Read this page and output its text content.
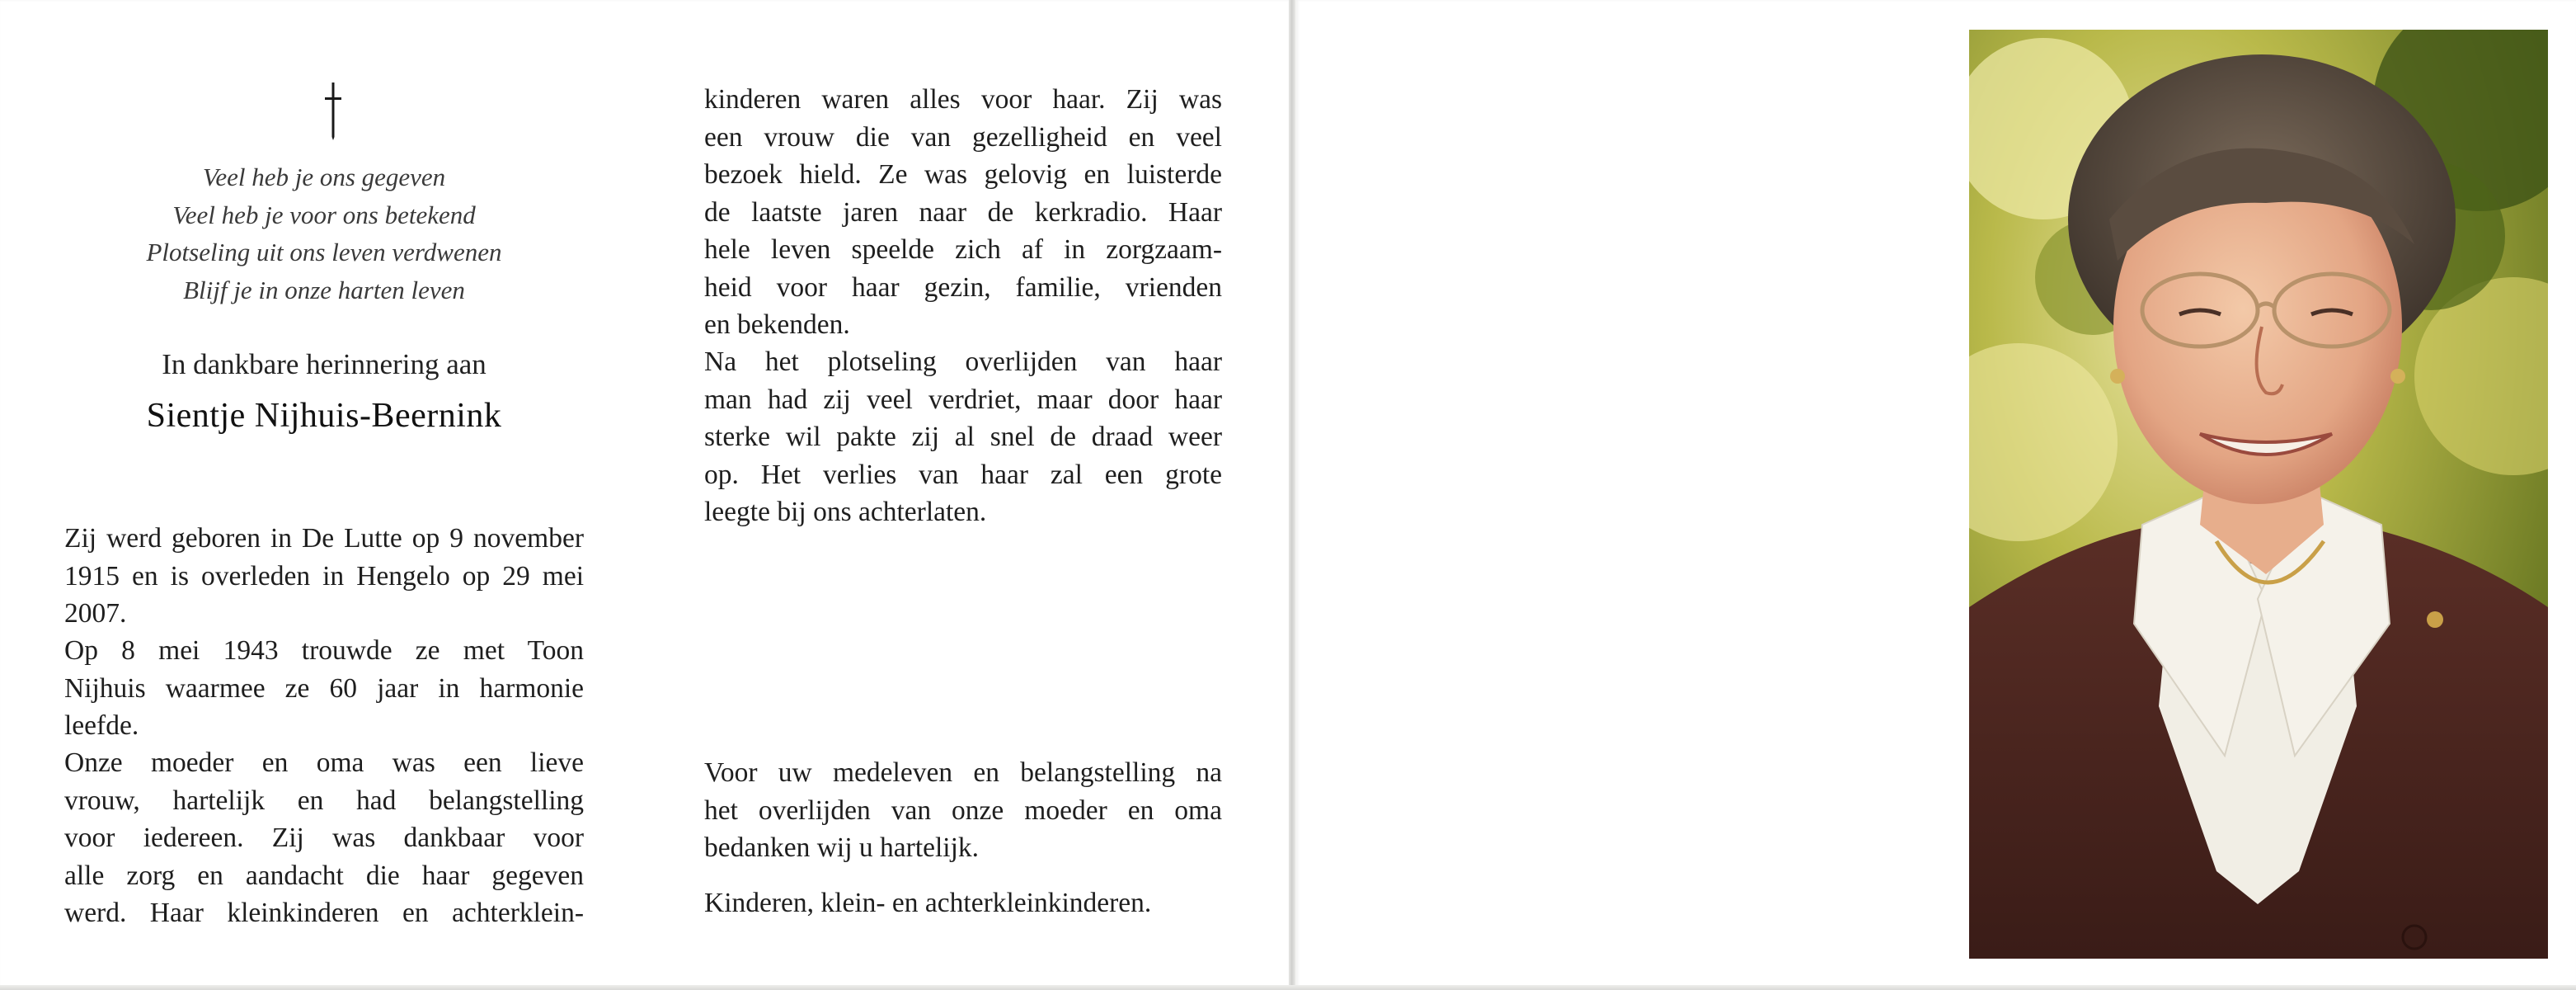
Veel heb je ons gegeven
Veel heb je voor ons betekend
Plotseling uit ons leven verdwenen
Blijf je in onze harten leven
In dankbare herinnering aan
Sientje Nijhuis-Beernink
Zij werd geboren in De Lutte op 9 november
1915 en is overleden in Hengelo op 29 mei
2007.
Op 8 mei 1943 trouwde ze met Toon
Nijhuis waarmee ze 60 jaar in harmonie
leefde.
Onze moeder en oma was een lieve
vrouw, hartelijk en had belangstelling
voor iedereen. Zij was dankbaar voor
alle zorg en aandacht die haar gegeven
werd. Haar kleinkinderen en achterklein-
kinderen waren alles voor haar. Zij was
een vrouw die van gezelligheid en veel
bezoek hield. Ze was gelovig en luisterde
de laatste jaren naar de kerkradio. Haar
hele leven speelde zich af in zorgzaam-
heid voor haar gezin, familie, vrienden
en bekenden.
Na het plotseling overlijden van haar
man had zij veel verdriet, maar door haar
sterke wil pakte zij al snel de draad weer
op. Het verlies van haar zal een grote
leegte bij ons achterlaten.
Voor uw medeleven en belangstelling na
het overlijden van onze moeder en oma
bedanken wij u hartelijk.
Kinderen, klein- en achterkleinkinderen.
